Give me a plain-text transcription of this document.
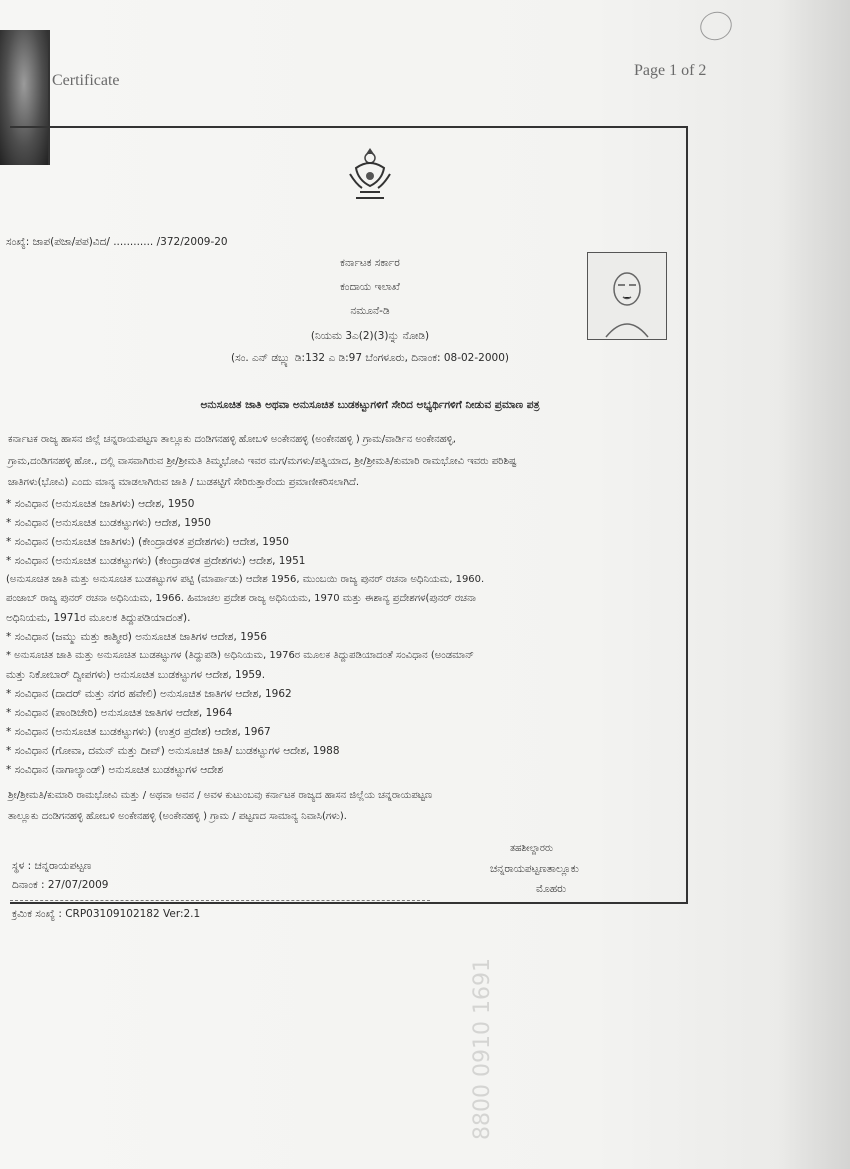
Certificate
Page 1 of 2
ಸಂಖ್ಯೆ: ಜಾಪ(ಪಜಾ/ಪಪ)ವಿದ/ ............ /372/2009-20
ಕರ್ನಾಟಕ ಸರ್ಕಾರ
ಕಂದಾಯ ಇಲಾಖೆ
ನಮೂನೆ-ಡಿ
(ನಿಯಮ 3ಎ(2)(3)ನ್ನು ನೋಡಿ)
(ಸಂ. ಎನ್ ಡಬ್ಲ್ಯು ಡಿ:132 ಎ ಡಿ:97 ಬೆಂಗಳೂರು, ದಿನಾಂಕ: 08-02-2000)
ಅನುಸೂಚಿತ ಜಾತಿ ಅಥವಾ ಅನುಸೂಚಿತ ಬುಡಕಟ್ಟುಗಳಿಗೆ ಸೇರಿದ ಅಭ್ಯರ್ಥಿಗಳಿಗೆ ನೀಡುವ ಪ್ರಮಾಣ ಪತ್ರ
ಕರ್ನಾಟಕ ರಾಜ್ಯ ಹಾಸನ ಜಿಲ್ಲೆ ಚನ್ನರಾಯಪಟ್ಟಣ ತಾಲ್ಲೂಕು ದಂಡಿಗನಹಳ್ಳಿ ಹೋಬಳಿ ಅಂಕೇನಹಳ್ಳಿ (ಅಂಕೇನಹಳ್ಳಿ ) ಗ್ರಾಮ/ವಾರ್ಡಿನ ಅಂಕೇನಹಳ್ಳಿ,
ಗ್ರಾಮ,ದಂಡಿಗನಹಳ್ಳಿ ಹೋ., ದಲ್ಲಿ ವಾಸವಾಗಿರುವ ಶ್ರೀ/ಶ್ರೀಮತಿ ತಿಮ್ಮಭೋವಿ ಇವರ ಮಗ/ಮಗಳು/ಪತ್ನಿಯಾದ, ಶ್ರೀ/ಶ್ರೀಮತಿ/ಕುಮಾರಿ ರಾಮಭೋವಿ ಇವರು ಪರಿಶಿಷ್ಟ
ಜಾತಿಗಳು(ಭೋವಿ) ಎಂದು ಮಾನ್ಯ ಮಾಡಲಾಗಿರುವ ಜಾತಿ / ಬುಡಕಟ್ಟಿಗೆ ಸೇರಿರುತ್ತಾರೆಂದು ಪ್ರಮಾಣೀಕರಿಸಲಾಗಿದೆ.
* ಸಂವಿಧಾನ (ಅನುಸೂಚಿತ ಜಾತಿಗಳು) ಆದೇಶ, 1950
* ಸಂವಿಧಾನ (ಅನುಸೂಚಿತ ಬುಡಕಟ್ಟುಗಳು) ಆದೇಶ, 1950
* ಸಂವಿಧಾನ (ಅನುಸೂಚಿತ ಜಾತಿಗಳು) (ಕೇಂದ್ರಾಡಳಿತ ಪ್ರದೇಶಗಳು) ಆದೇಶ, 1950
* ಸಂವಿಧಾನ (ಅನುಸೂಚಿತ ಬುಡಕಟ್ಟುಗಳು) (ಕೇಂದ್ರಾಡಳಿತ ಪ್ರದೇಶಗಳು) ಆದೇಶ, 1951
(ಅನುಸೂಚಿತ ಜಾತಿ ಮತ್ತು ಅನುಸೂಚಿತ ಬುಡಕಟ್ಟುಗಳ ಪಟ್ಟಿ (ಮಾರ್ಪಾಡು) ಆದೇಶ 1956, ಮುಂಬಯಿ ರಾಜ್ಯ ಪುನರ್ ರಚನಾ ಅಧಿನಿಯಮ, 1960.
ಪಂಜಾಬ್ ರಾಜ್ಯ ಪುನರ್ ರಚನಾ ಅಧಿನಿಯಮ, 1966. ಹಿಮಾಚಲ ಪ್ರದೇಶ ರಾಜ್ಯ ಅಧಿನಿಯಮ, 1970 ಮತ್ತು ಈಶಾನ್ಯ ಪ್ರದೇಶಗಳ(ಪುನರ್ ರಚನಾ
ಅಧಿನಿಯಮ, 1971ರ ಮೂಲಕ ತಿದ್ದುಪಡಿಯಾದಂತೆ).
* ಸಂವಿಧಾನ (ಜಮ್ಮು ಮತ್ತು ಕಾಶ್ಮೀರ) ಅನುಸೂಚಿತ ಜಾತಿಗಳ ಆದೇಶ, 1956
* ಅನುಸೂಚಿತ ಜಾತಿ ಮತ್ತು ಅನುಸೂಚಿತ ಬುಡಕಟ್ಟುಗಳ (ತಿದ್ದುಪಡಿ) ಅಧಿನಿಯಮ, 1976ರ ಮೂಲಕ ತಿದ್ದುಪಡಿಯಾದಂತೆ ಸಂವಿಧಾನ (ಅಂಡಮಾನ್
ಮತ್ತು ನಿಕೋಬಾರ್ ದ್ವೀಪಗಳು) ಅನುಸೂಚಿತ ಬುಡಕಟ್ಟುಗಳ ಆದೇಶ, 1959.
* ಸಂವಿಧಾನ (ದಾದರ್ ಮತ್ತು ನಗರ ಹವೇಲಿ) ಅನುಸೂಚಿತ ಜಾತಿಗಳ ಆದೇಶ, 1962
* ಸಂವಿಧಾನ (ಪಾಂಡಿಚೇರಿ) ಅನುಸೂಚಿತ ಜಾತಿಗಳ ಆದೇಶ, 1964
* ಸಂವಿಧಾನ (ಅನುಸೂಚಿತ ಬುಡಕಟ್ಟುಗಳು) (ಉತ್ತರ ಪ್ರದೇಶ) ಆದೇಶ, 1967
* ಸಂವಿಧಾನ (ಗೋವಾ, ದಮನ್ ಮತ್ತು ದೀವ್) ಅನುಸೂಚಿತ ಜಾತಿ/ ಬುಡಕಟ್ಟುಗಳ ಆದೇಶ, 1988
* ಸಂವಿಧಾನ (ನಾಗಾಲ್ಯಾಂಡ್) ಅನುಸೂಚಿತ ಬುಡಕಟ್ಟುಗಳ ಆದೇಶ
ಶ್ರೀ/ಶ್ರೀಮತಿ/ಕುಮಾರಿ ರಾಮಭೋವಿ ಮತ್ತು / ಅಥವಾ ಅವನ / ಅವಳ ಕುಟುಂಬವು ಕರ್ನಾಟಕ ರಾಜ್ಯದ ಹಾಸನ ಜಿಲ್ಲೆಯ ಚನ್ನರಾಯಪಟ್ಟಣ
ತಾಲ್ಲೂಕು ದಂಡಿಗನಹಳ್ಳಿ ಹೋಬಳಿ ಅಂಕೇನಹಳ್ಳಿ (ಅಂಕೇನಹಳ್ಳಿ ) ಗ್ರಾಮ / ಪಟ್ಟಣದ ಸಾಮಾನ್ಯ ನಿವಾಸಿ(ಗಳು).
ತಹಶೀಲ್ದಾರರು
ಸ್ಥಳ : ಚನ್ನರಾಯಪಟ್ಟಣ	ಚನ್ನರಾಯಪಟ್ಟಣತಾಲ್ಲೂಕು
ದಿನಾಂಕ : 27/07/2009	ಮೊಹರು
ಕ್ರಮಿಕ ಸಂಖ್ಯೆ : CRP03109102182 Ver:2.1
8800 0910 1691
